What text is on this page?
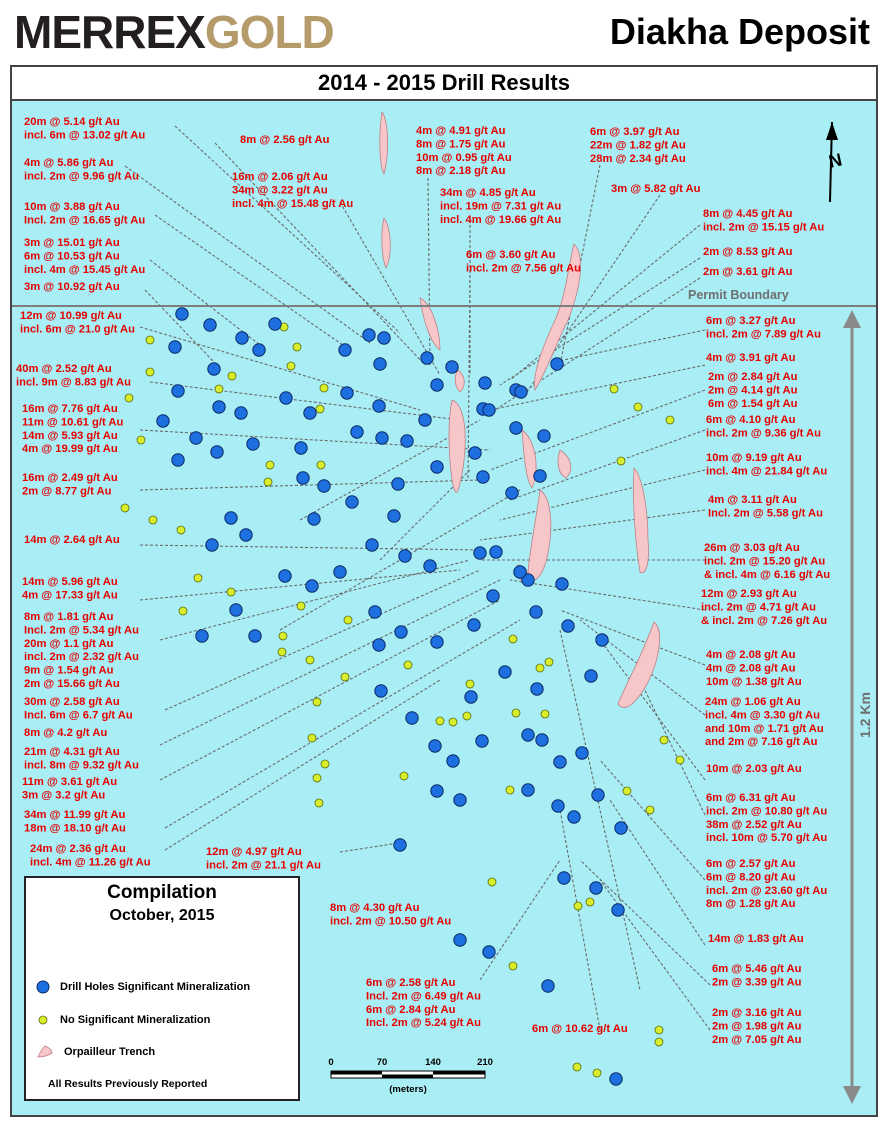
MERREXGOLD	Diakha Deposit
2014 - 2015 Drill Results
20m @ 5.14 g/t Au incl. 6m @ 13.02 g/t Au	8m @ 2.56 g/t Au
4m @ 5.86 g/t Au incl. 2m @ 9.96 g/t Au	16m @ 2.06 g/t Au 34m @ 3.22 g/t Au incl. 4m @ 15.48 g/t Au
10m @ 3.88 g/t Au Incl. 2m @ 16.65 g/t Au
3m @ 15.01 g/t Au 6m @ 10.53 g/t Au incl. 4m @ 15.45 g/t Au
3m @ 10.92 g/t Au
4m @ 4.91 g/t Au 8m @ 1.75 g/t Au 10m @ 0.95 g/t Au 8m @ 2.18 g/t Au
34m @ 4.85 g/t Au incl. 19m @ 7.31 g/t Au incl. 4m @ 19.66 g/t Au
6m @ 3.60 g/t Au incl. 2m @ 7.56 g/t Au
6m @ 3.97 g/t Au 22m @ 1.82 g/t Au 28m @ 2.34 g/t Au
3m @ 5.82 g/t Au
8m @ 4.45 g/t Au incl. 2m @ 15.15 g/t Au
2m @ 8.53 g/t Au
2m @ 3.61 g/t Au
12m @ 10.99 g/t Au incl. 6m @ 21.0 g/t Au
40m @ 2.52 g/t Au incl. 9m @ 8.83 g/t Au
16m @ 7.76 g/t Au 11m @ 10.61 g/t Au 14m @ 5.93 g/t Au 4m @ 19.99 g/t Au
16m @ 2.49 g/t Au 2m @ 8.77 g/t Au
14m @ 2.64 g/t Au
14m @ 5.96 g/t Au 4m @ 17.33 g/t Au
8m @ 1.81 g/t Au Incl. 2m @ 5.34 g/t Au 20m @ 1.1 g/t Au incl. 2m @ 2.32 g/t Au 9m @ 1.54 g/t Au 2m @ 15.66 g/t Au
30m @ 2.58 g/t Au Incl. 6m @ 6.7 g/t Au
8m @ 4.2 g/t Au
21m @ 4.31 g/t Au incl. 8m @ 9.32 g/t Au
11m @ 3.61 g/t Au 3m @ 3.2 g/t Au
34m @ 11.99 g/t Au 18m @ 18.10 g/t Au
24m @ 2.36 g/t Au incl. 4m @ 11.26 g/t Au
12m @ 4.97 g/t Au incl. 2m @ 21.1 g/t Au
8m @ 4.30 g/t Au incl. 2m @ 10.50 g/t Au
6m @ 2.58 g/t Au Incl. 2m @ 6.49 g/t Au 6m @ 2.84 g/t Au Incl. 2m @ 5.24 g/t Au	6m @ 10.62 g/t Au
6m @ 3.27 g/t Au incl. 2m @ 7.89 g/t Au
4m @ 3.91 g/t Au
2m @ 2.84 g/t Au 2m @ 4.14 g/t Au 6m @ 1.54 g/t Au
6m @ 4.10 g/t Au incl. 2m @ 9.36 g/t Au
10m @ 9.19 g/t Au incl. 4m @ 21.84 g/t Au
4m @ 3.11 g/t Au Incl. 2m @ 5.58 g/t Au
26m @ 3.03 g/t Au incl. 2m @ 15.20 g/t Au & incl. 4m @ 6.16 g/t Au
12m @ 2.93 g/t Au incl. 2m @ 4.71 g/t Au & incl. 2m @ 7.26 g/t Au
4m @ 2.08 g/t Au 4m @ 2.08 g/t Au 10m @ 1.38 g/t Au
24m @ 1.06 g/t Au incl. 4m @ 3.30 g/t Au and 10m @ 1.71 g/t Au and 2m @ 7.16 g/t Au
10m @ 2.03 g/t Au
6m @ 6.31 g/t Au incl. 2m @ 10.80 g/t Au 38m @ 2.52 g/t Au incl. 10m @ 5.70 g/t Au
6m @ 2.57 g/t Au 6m @ 8.20 g/t Au incl. 2m @ 23.60 g/t Au 8m @ 1.28 g/t Au
14m @ 1.83 g/t Au
6m @ 5.46 g/t Au 2m @ 3.39 g/t Au
2m @ 3.16 g/t Au 2m @ 1.98 g/t Au 2m @ 7.05 g/t Au
Permit Boundary
N
1.2 Km
0	70	140	210
(meters)
Compilation
October, 2015
Drill Holes Significant Mineralization
No Significant Mineralization
Orpailleur Trench
All Results Previously Reported
